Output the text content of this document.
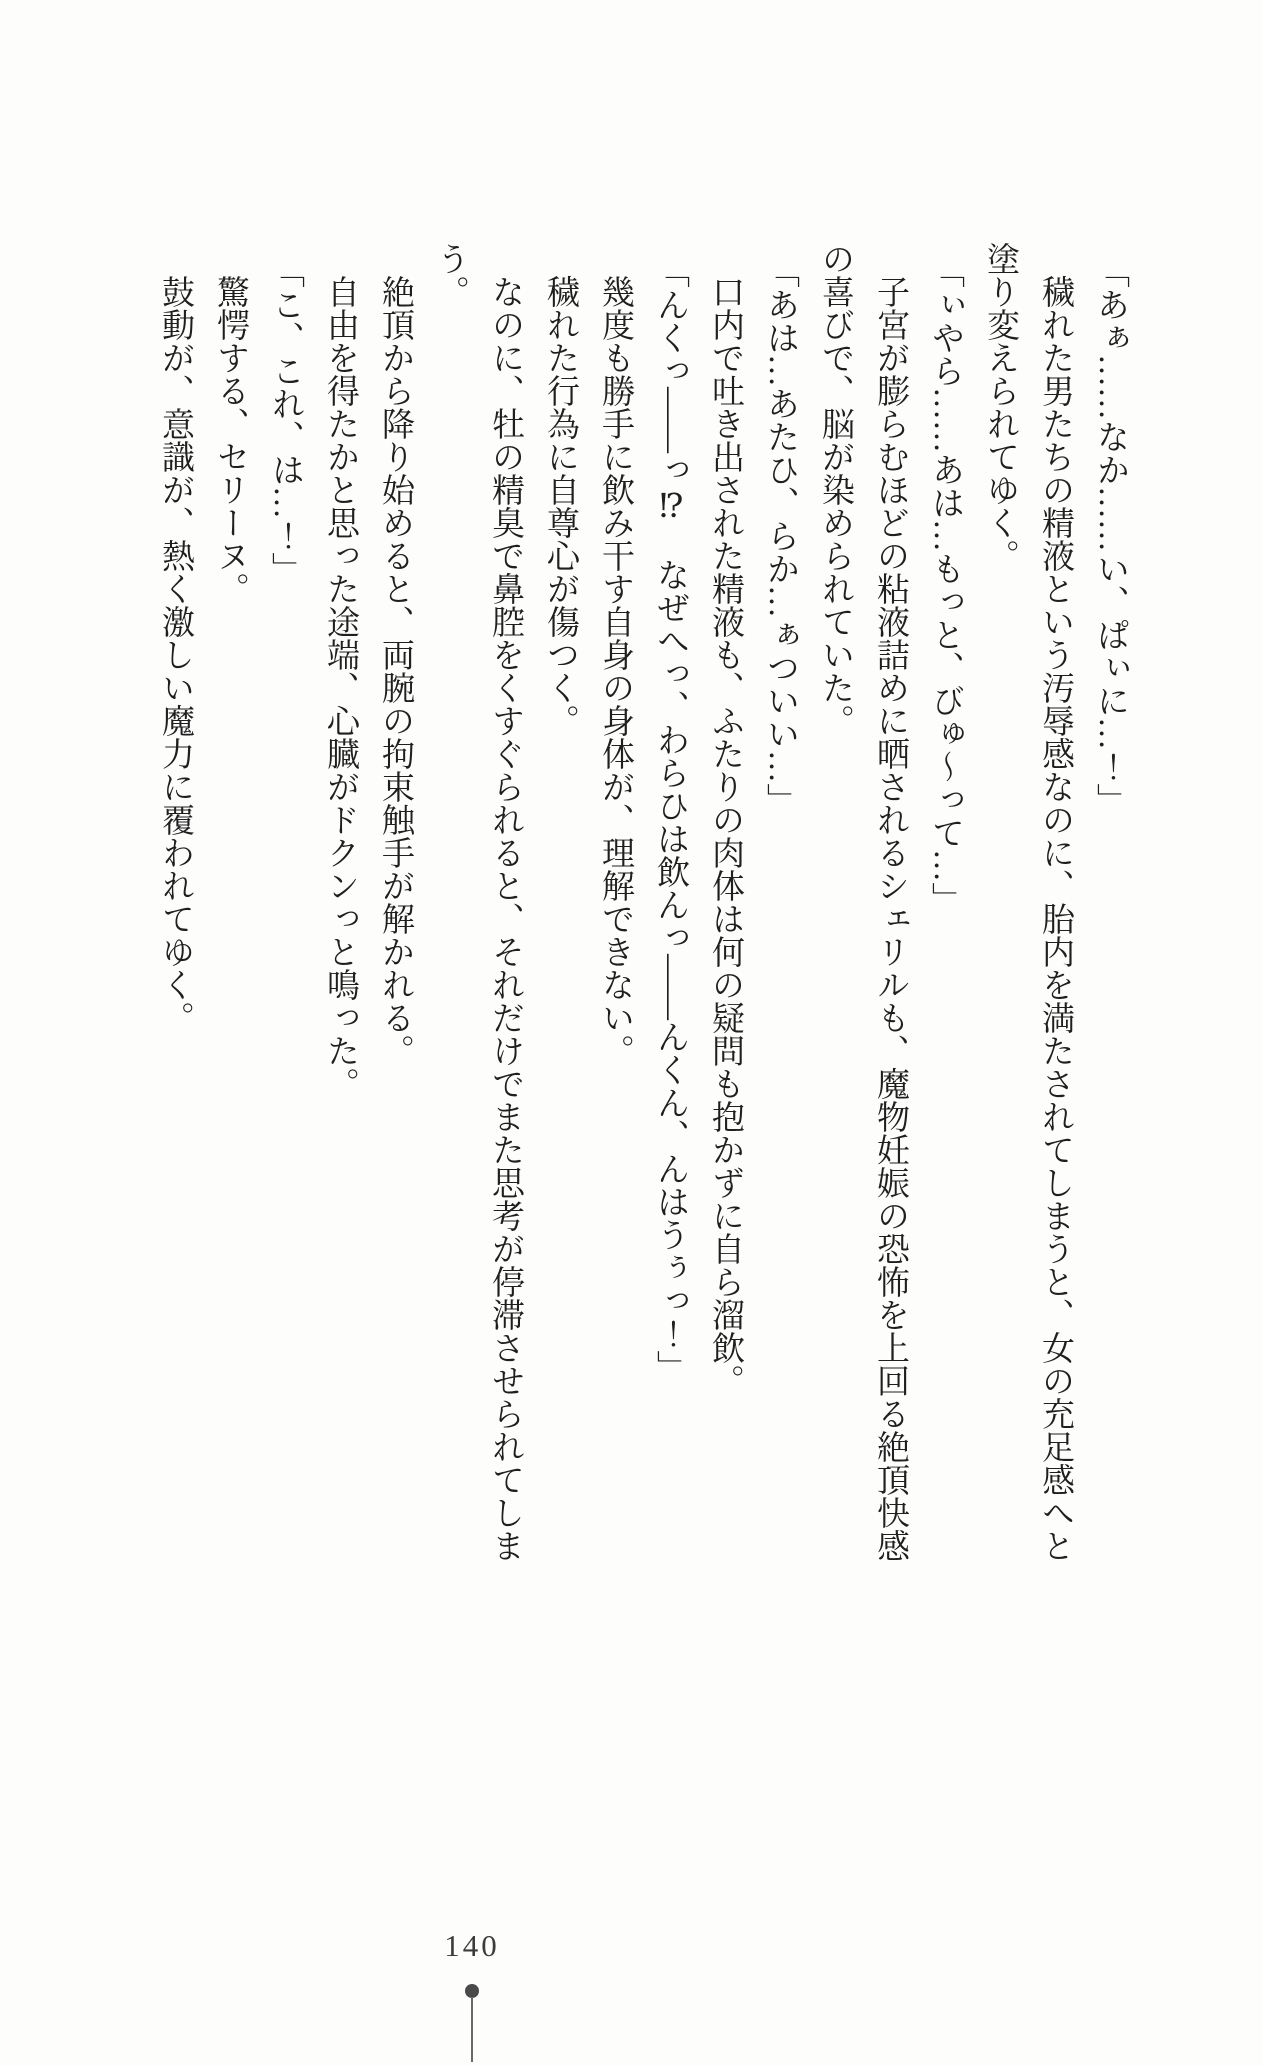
「あぁ……なか……い、ぱぃに…！」

穢れた男たちの精液という汚辱感なのに、胎内を満たされてしまうと、女の充足感へと

塗り変えられてゆく。

「ぃやら……あは…もっと、びゅ～って…」

子宮が膨らむほどの粘液詰めに晒されるシェリルも、魔物妊娠の恐怖を上回る絶頂快感

の喜びで、脳が染められていた。

「あは…あたひ、らか…ぁついい…」

口内で吐き出された精液も、ふたりの肉体は何の疑問も抱かずに自ら溜飲。

「んくっ――っ⁉　なぜへっ、わらひは飲んっ――んくん、んはうぅっ！」

幾度も勝手に飲み干す自身の身体が、理解できない。

穢れた行為に自尊心が傷つく。

なのに、牡の精臭で鼻腔をくすぐられると、それだけでまた思考が停滞させられてしま

う。

絶頂から降り始めると、両腕の拘束触手が解かれる。

自由を得たかと思った途端、心臓がドクンっと鳴った。

「こ、これ、は…！」

驚愕する、セリーヌ。

鼓動が、意識が、熱く激しい魔力に覆われてゆく。

140
